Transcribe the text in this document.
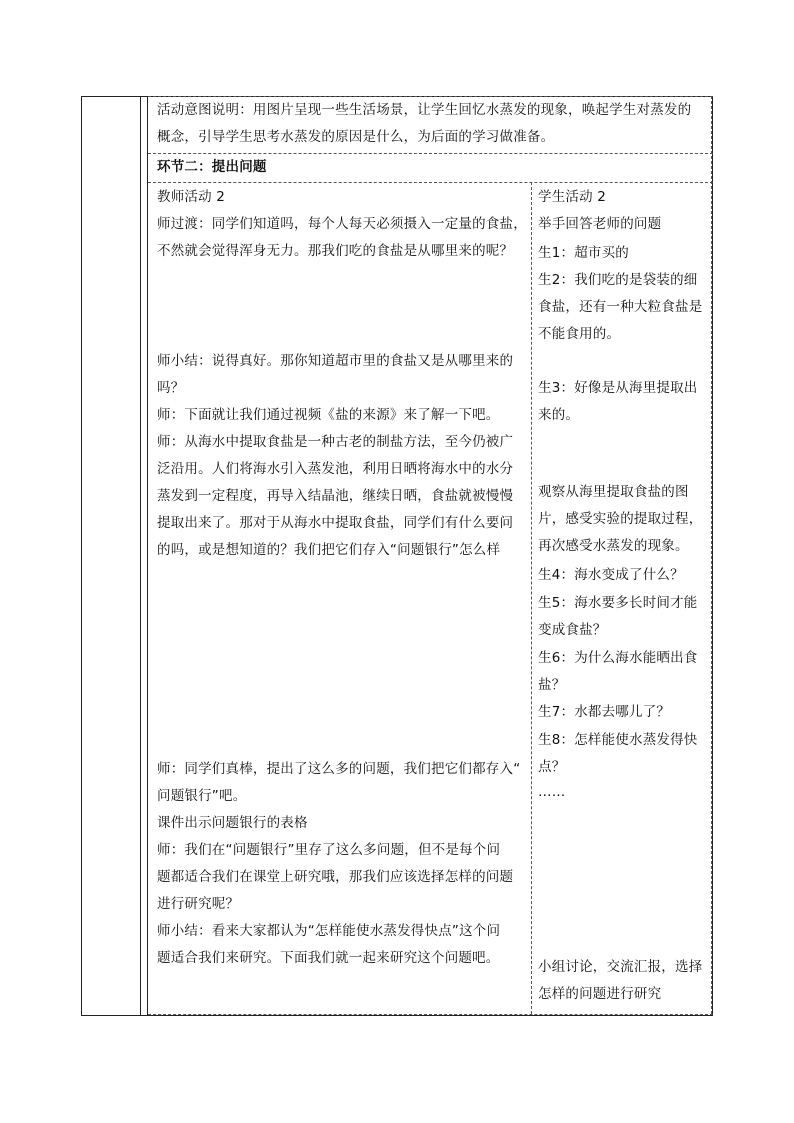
活动意图说明：用图片呈现一些生活场景，让学生回忆水蒸发的现象，唤起学生对蒸发的
概念，引导学生思考水蒸发的原因是什么，为后面的学习做准备。
环节二：提出问题
教师活动 2
师过渡：同学们知道吗，每个人每天必须摄入一定量的食盐，
不然就会觉得浑身无力。那我们吃的食盐是从哪里来的呢？
师小结：说得真好。那你知道超市里的食盐又是从哪里来的
吗？
师：下面就让我们通过视频《盐的来源》来了解一下吧。
师：从海水中提取食盐是一种古老的制盐方法，至今仍被广
泛沿用。人们将海水引入蒸发池，利用日晒将海水中的水分
蒸发到一定程度，再导入结晶池，继续日晒，食盐就被慢慢
提取出来了。那对于从海水中提取食盐，同学们有什么要问
的吗，或是想知道的？我们把它们存入“问题银行”怎么样
师：同学们真棒，提出了这么多的问题，我们把它们都存入“
问题银行”吧。
课件出示问题银行的表格
师：我们在“问题银行”里存了这么多问题，但不是每个问
题都适合我们在课堂上研究哦，那我们应该选择怎样的问题
进行研究呢？
师小结：看来大家都认为“怎样能使水蒸发得快点”这个问
题适合我们来研究。下面我们就一起来研究这个问题吧。
学生活动 2
举手回答老师的问题
生1：超市买的
生2：我们吃的是袋装的细
食盐，还有一种大粒食盐是
不能食用的。
生3：好像是从海里提取出
来的。
观察从海里提取食盐的图
片，感受实验的提取过程，
再次感受水蒸发的现象。
生4：海水变成了什么？
生5：海水要多长时间才能
变成食盐？
生6：为什么海水能晒出食
盐？
生7：水都去哪儿了？
生8：怎样能使水蒸发得快
点？
……
小组讨论，交流汇报，选择
怎样的问题进行研究
